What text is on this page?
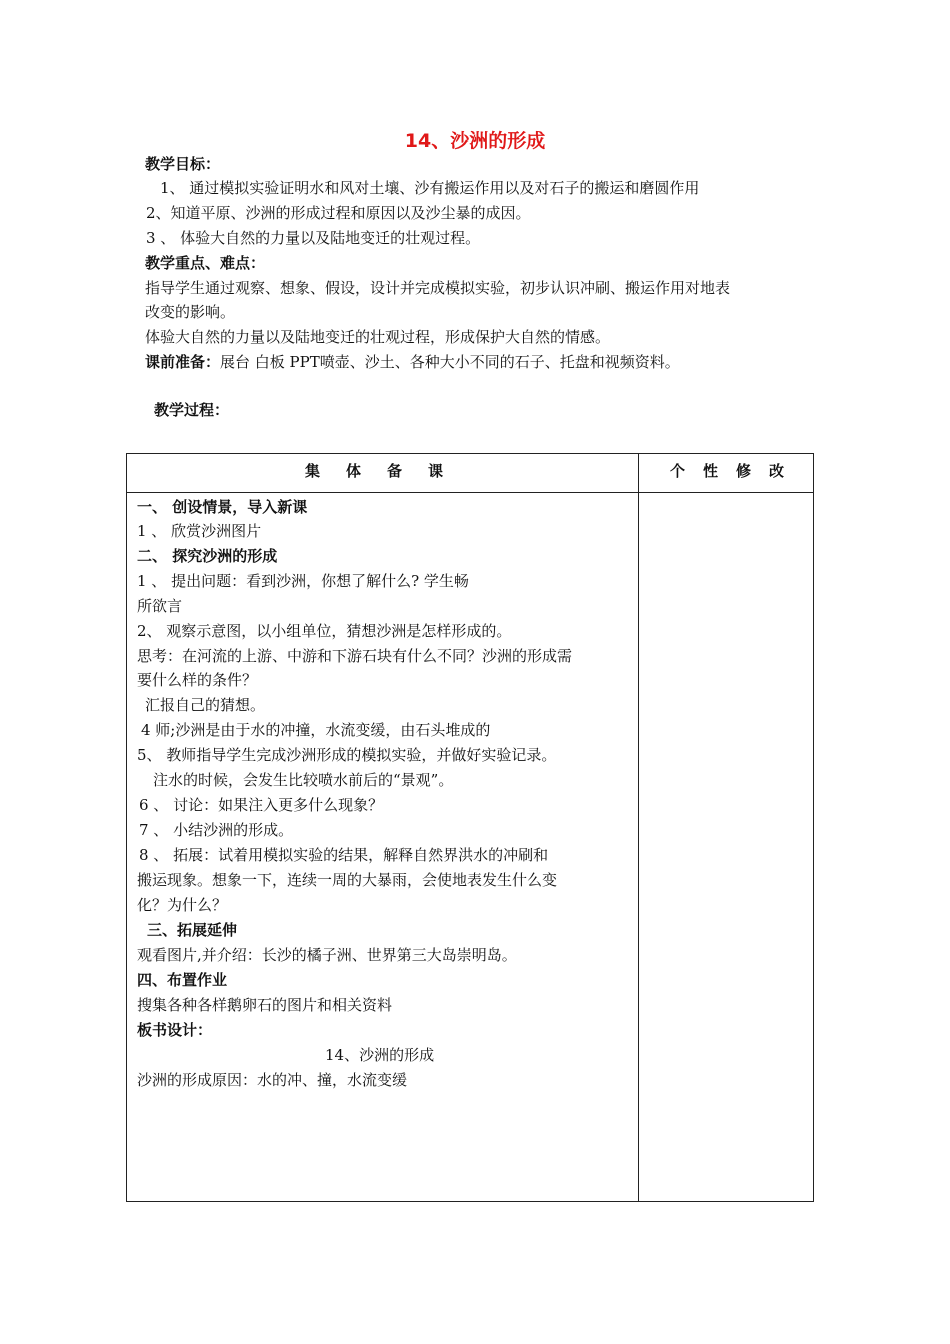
14、沙洲的形成
教学目标：
1、 通过模拟实验证明水和风对土壤、沙有搬运作用以及对石子的搬运和磨圆作用
2、知道平原、沙洲的形成过程和原因以及沙尘暴的成因。
3 、 体验大自然的力量以及陆地变迁的壮观过程。
教学重点、难点：
指导学生通过观察、想象、假设，设计并完成模拟实验，初步认识冲刷、搬运作用对地表
改变的影响。
体验大自然的力量以及陆地变迁的壮观过程，形成保护大自然的情感。
课前准备：展台 白板 PPT喷壶、沙土、各种大小不同的石子、托盘和视频资料。
教学过程：
集体备课	个性修改
一、 创设情景，导入新课
1 、 欣赏沙洲图片
二、 探究沙洲的形成
1 、 提出问题：看到沙洲，你想了解什么? 学生畅
所欲言
2、 观察示意图，以小组单位，猜想沙洲是怎样形成的。
思考：在河流的上游、中游和下游石块有什么不同？沙洲的形成需
要什么样的条件？
汇报自己的猜想。
4 师;沙洲是由于水的冲撞，水流变缓，由石头堆成的
5、 教师指导学生完成沙洲形成的模拟实验，并做好实验记录。
注水的时候，会发生比较喷水前后的“景观”。
6 、 讨论：如果注入更多什么现象？
7 、 小结沙洲的形成。
8 、 拓展：试着用模拟实验的结果，解释自然界洪水的冲刷和
搬运现象。想象一下，连续一周的大暴雨，会使地表发生什么变
化？为什么？
三、拓展延伸
观看图片,并介绍：长沙的橘子洲、世界第三大岛崇明岛。
四、布置作业
搜集各种各样鹅卵石的图片和相关资料
板书设计：
14、沙洲的形成
沙洲的形成原因：水的冲、撞，水流变缓
